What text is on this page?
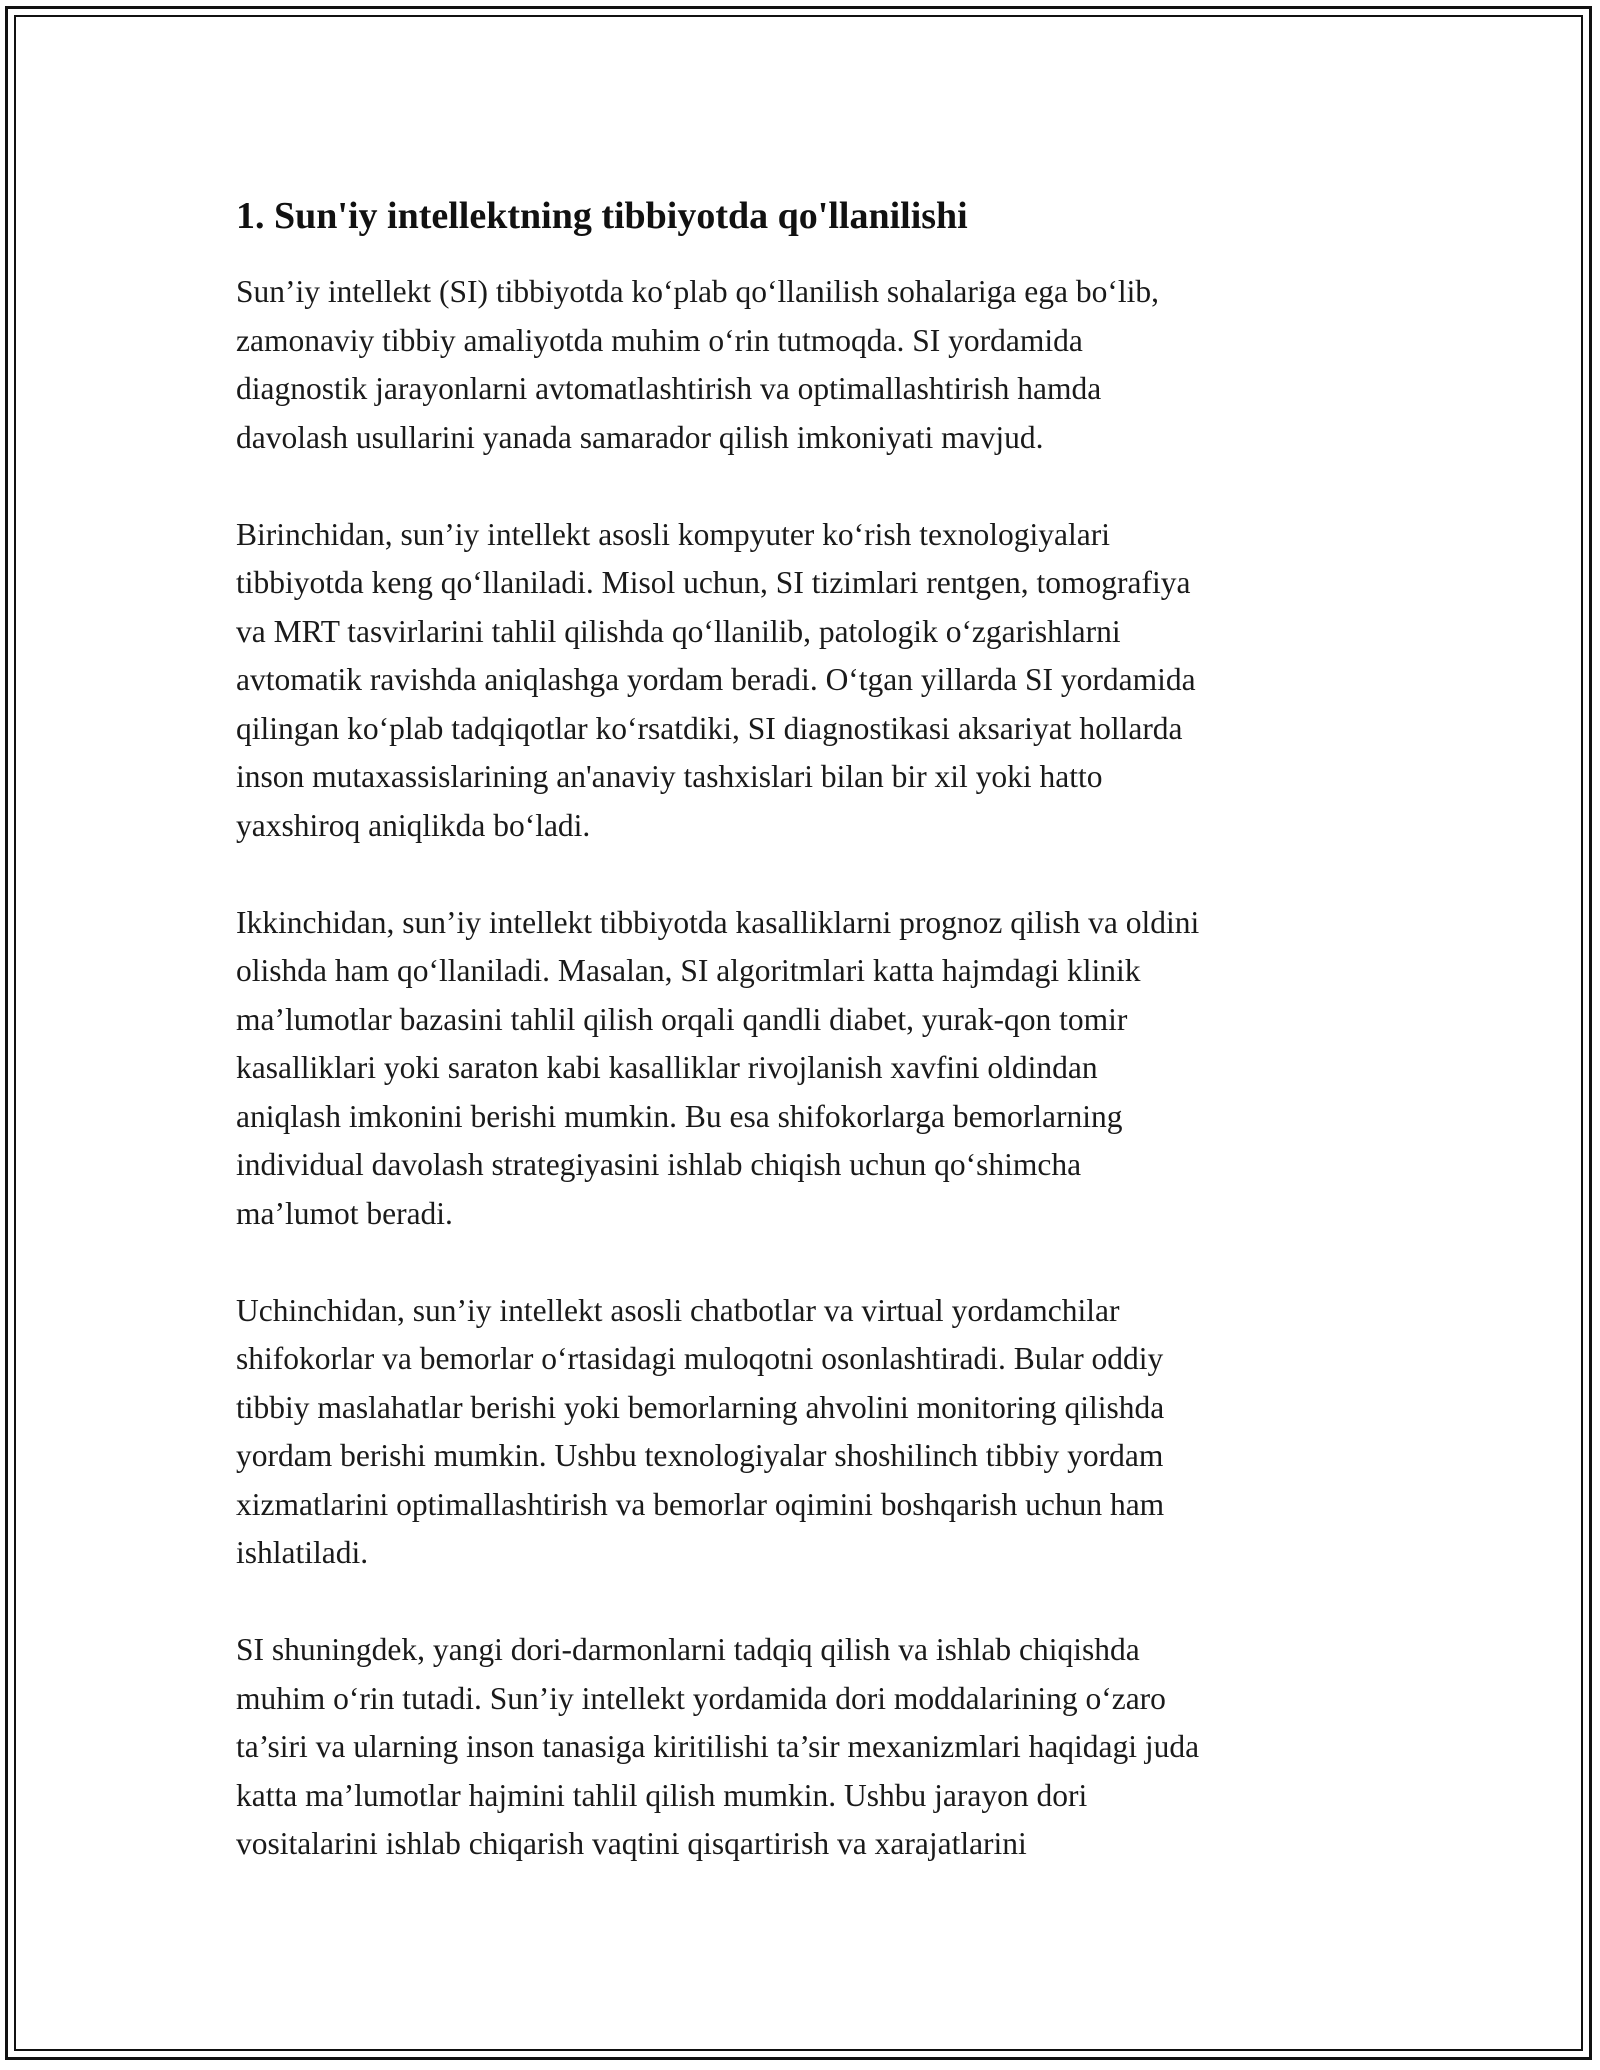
1. Sun'iy intellektning tibbiyotda qo'llanilishi

Sun’iy intellekt (SI) tibbiyotda ko‘plab qo‘llanilish sohalariga ega bo‘lib,
zamonaviy tibbiy amaliyotda muhim o‘rin tutmoqda. SI yordamida
diagnostik jarayonlarni avtomatlashtirish va optimallashtirish hamda
davolash usullarini yanada samarador qilish imkoniyati mavjud.

Birinchidan, sun’iy intellekt asosli kompyuter ko‘rish texnologiyalari
tibbiyotda keng qo‘llaniladi. Misol uchun, SI tizimlari rentgen, tomografiya
va MRT tasvirlarini tahlil qilishda qo‘llanilib, patologik o‘zgarishlarni
avtomatik ravishda aniqlashga yordam beradi. O‘tgan yillarda SI yordamida
qilingan ko‘plab tadqiqotlar ko‘rsatdiki, SI diagnostikasi aksariyat hollarda
inson mutaxassislarining an'anaviy tashxislari bilan bir xil yoki hatto
yaxshiroq aniqlikda bo‘ladi.

Ikkinchidan, sun’iy intellekt tibbiyotda kasalliklarni prognoz qilish va oldini
olishda ham qo‘llaniladi. Masalan, SI algoritmlari katta hajmdagi klinik
ma’lumotlar bazasini tahlil qilish orqali qandli diabet, yurak-qon tomir
kasalliklari yoki saraton kabi kasalliklar rivojlanish xavfini oldindan
aniqlash imkonini berishi mumkin. Bu esa shifokorlarga bemorlarning
individual davolash strategiyasini ishlab chiqish uchun qo‘shimcha
ma’lumot beradi.

Uchinchidan, sun’iy intellekt asosli chatbotlar va virtual yordamchilar
shifokorlar va bemorlar o‘rtasidagi muloqotni osonlashtiradi. Bular oddiy
tibbiy maslahatlar berishi yoki bemorlarning ahvolini monitoring qilishda
yordam berishi mumkin. Ushbu texnologiyalar shoshilinch tibbiy yordam
xizmatlarini optimallashtirish va bemorlar oqimini boshqarish uchun ham
ishlatiladi.

SI shuningdek, yangi dori-darmonlarni tadqiq qilish va ishlab chiqishda
muhim o‘rin tutadi. Sun’iy intellekt yordamida dori moddalarining o‘zaro
ta’siri va ularning inson tanasiga kiritilishi ta’sir mexanizmlari haqidagi juda
katta ma’lumotlar hajmini tahlil qilish mumkin. Ushbu jarayon dori
vositalarini ishlab chiqarish vaqtini qisqartirish va xarajatlarini
